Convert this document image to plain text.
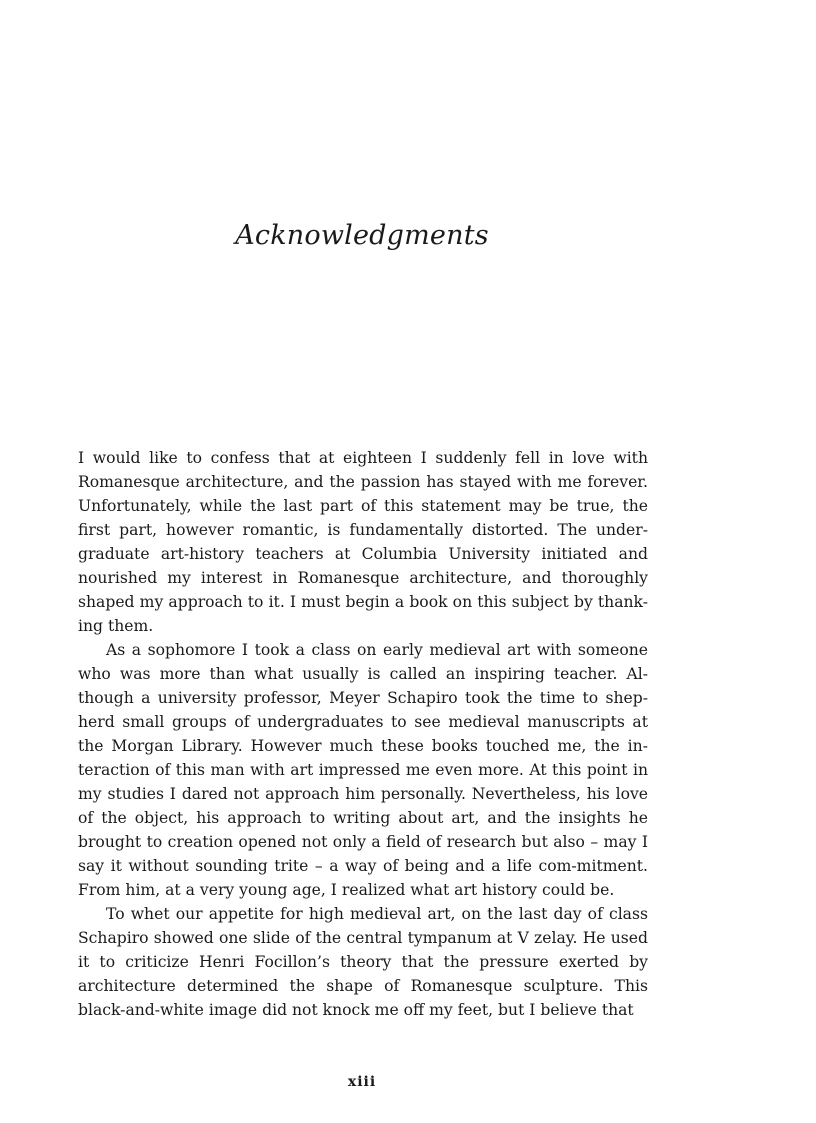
Acknowledgments

I would like to confess that at eighteen I suddenly fell in love with Romanesque architecture, and the passion has stayed with me forever. Unfortunately, while the last part of this statement may be true, the first part, however romantic, is fundamentally distorted. The under-graduate art-history teachers at Columbia University initiated and nourished my interest in Romanesque architecture, and thoroughly shaped my approach to it. I must begin a book on this subject by thank-ing them.

As a sophomore I took a class on early medieval art with someone who was more than what usually is called an inspiring teacher. Al-though a university professor, Meyer Schapiro took the time to shep-herd small groups of undergraduates to see medieval manuscripts at the Morgan Library. However much these books touched me, the in-teraction of this man with art impressed me even more. At this point in my studies I dared not approach him personally. Nevertheless, his love of the object, his approach to writing about art, and the insights he brought to creation opened not only a field of research but also – may I say it without sounding trite – a way of being and a life com-mitment. From him, at a very young age, I realized what art history could be.

To whet our appetite for high medieval art, on the last day of class Schapiro showed one slide of the central tympanum at V zelay. He used it to criticize Henri Focillon’s theory that the pressure exerted by architecture determined the shape of Romanesque sculpture. This black-and-white image did not knock me off my feet, but I believe that

xiii
